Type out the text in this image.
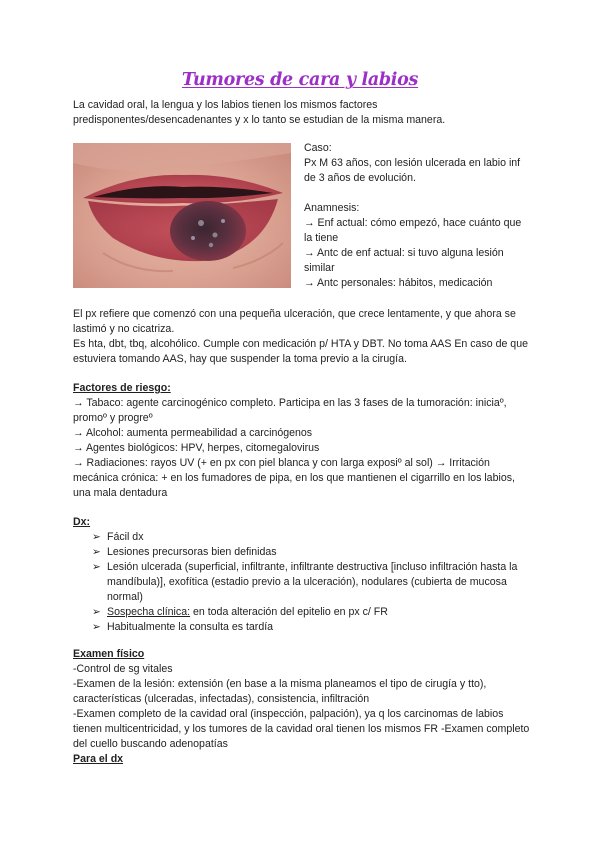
Tumores de cara y labios
La cavidad oral, la lengua y los labios tienen los mismos factores predisponentes/desencadenantes y x lo tanto se estudian de la misma manera.

Caso:

Px M 63 años, con lesión ulcerada en labio inf de 3 años de evolución.

Anamnesis:

→ Enf actual: cómo empezó, hace cuánto que la tiene

→ Antc de enf actual: si tuvo alguna lesión similar

→ Antc personales: hábitos, medicación

El px refiere que comenzó con una pequeña ulceración, que crece lentamente, y que ahora se lastimó y no cicatriza.

Es hta, dbt, tbq, alcohólico. Cumple con medicación p/ HTA y DBT. No toma AAS En caso de que estuviera tomando AAS, hay que suspender la toma previo a la cirugía.

Factores de riesgo:

→ Tabaco: agente carcinogénico completo. Participa en las 3 fases de la tumoración: iniciaº, promoº y progreº

→ Alcohol: aumenta permeabilidad a carcinógenos

→ Agentes biológicos: HPV, herpes, citomegalovirus

→ Radiaciones: rayos UV (+ en px con piel blanca y con larga exposiº al sol) → Irritación mecánica crónica: + en los fumadores de pipa, en los que mantienen el cigarrillo en los labios, una mala dentadura

Dx:

➢ Fácil dx
➢ Lesiones precursoras bien definidas
➢ Lesión ulcerada (superficial, infiltrante, infiltrante destructiva [incluso infiltración hasta la mandíbula)], exofítica (estadio previo a la ulceración), nodulares (cubierta de mucosa normal)
➢ Sospecha clínica: en toda alteración del epitelio en px c/ FR
➢ Habitualmente la consulta es tardía

Examen físico

-Control de sg vitales

-Examen de la lesión: extensión (en base a la misma planeamos el tipo de cirugía y tto), características (ulceradas, infectadas), consistencia, infiltración

-Examen completo de la cavidad oral (inspección, palpación), ya q los carcinomas de labios tienen multicentricidad, y los tumores de la cavidad oral tienen los mismos FR -Examen completo del cuello buscando adenopatías

Para el dx
